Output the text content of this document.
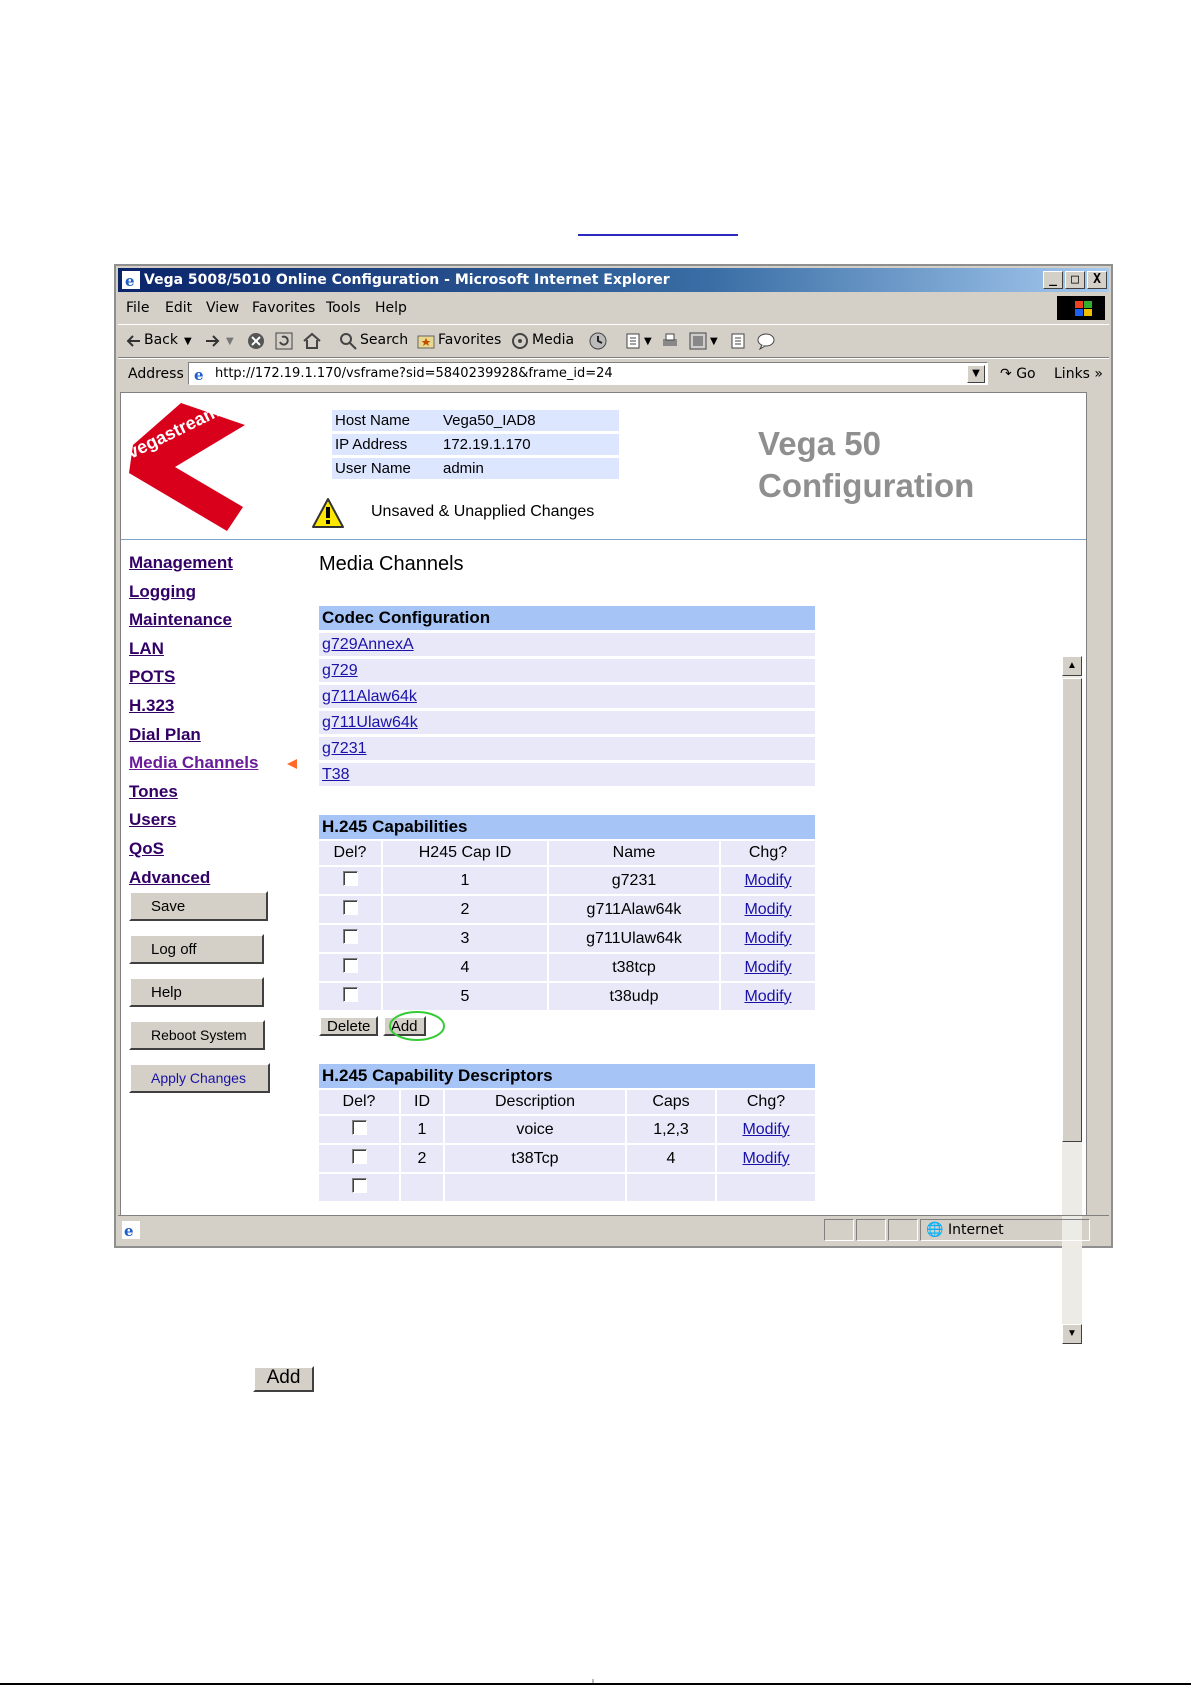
e Vega 5008/5010 Online Configuration - Microsoft Internet Explorer	_	□	X
File Edit View Favorites Tools Help
Back ▼	▼	Search Favorites Media	▼	▼
Address e http://172.19.1.170/vsframe?sid=5840239928&frame_id=24	▼	↷ Go Links »
vegastream	Host Name	Vega50_IAD8
IP Address	172.19.1.170
User Name	admin
Unsaved & Unapplied Changes
Vega 50
Configuration
Management
Logging
Maintenance
LAN
POTS
H.323
Dial Plan
Media Channels
Tones
Users
QoS
Advanced
Save
Log off
Help
Reboot System
Apply Changes
Media Channels
Codec Configuration
g729AnnexA
g729
g711Alaw64k
g711Ulaw64k
g7231
T38
H.245 Capabilities			
Del?	H245 Cap ID	Name	Chg?
	1	g7231	Modify
	2	g711Alaw64k	Modify
	3	g711Ulaw64k	Modify
	4	t38tcp	Modify
	5	t38udp	Modify
Delete Add
H.245 Capability Descriptors				
Del?	ID	Description	Caps	Chg?
	1	voice	1,2,3	Modify
	2	t38Tcp	4	Modify

▲
▼
e	🌐 Internet
Add
